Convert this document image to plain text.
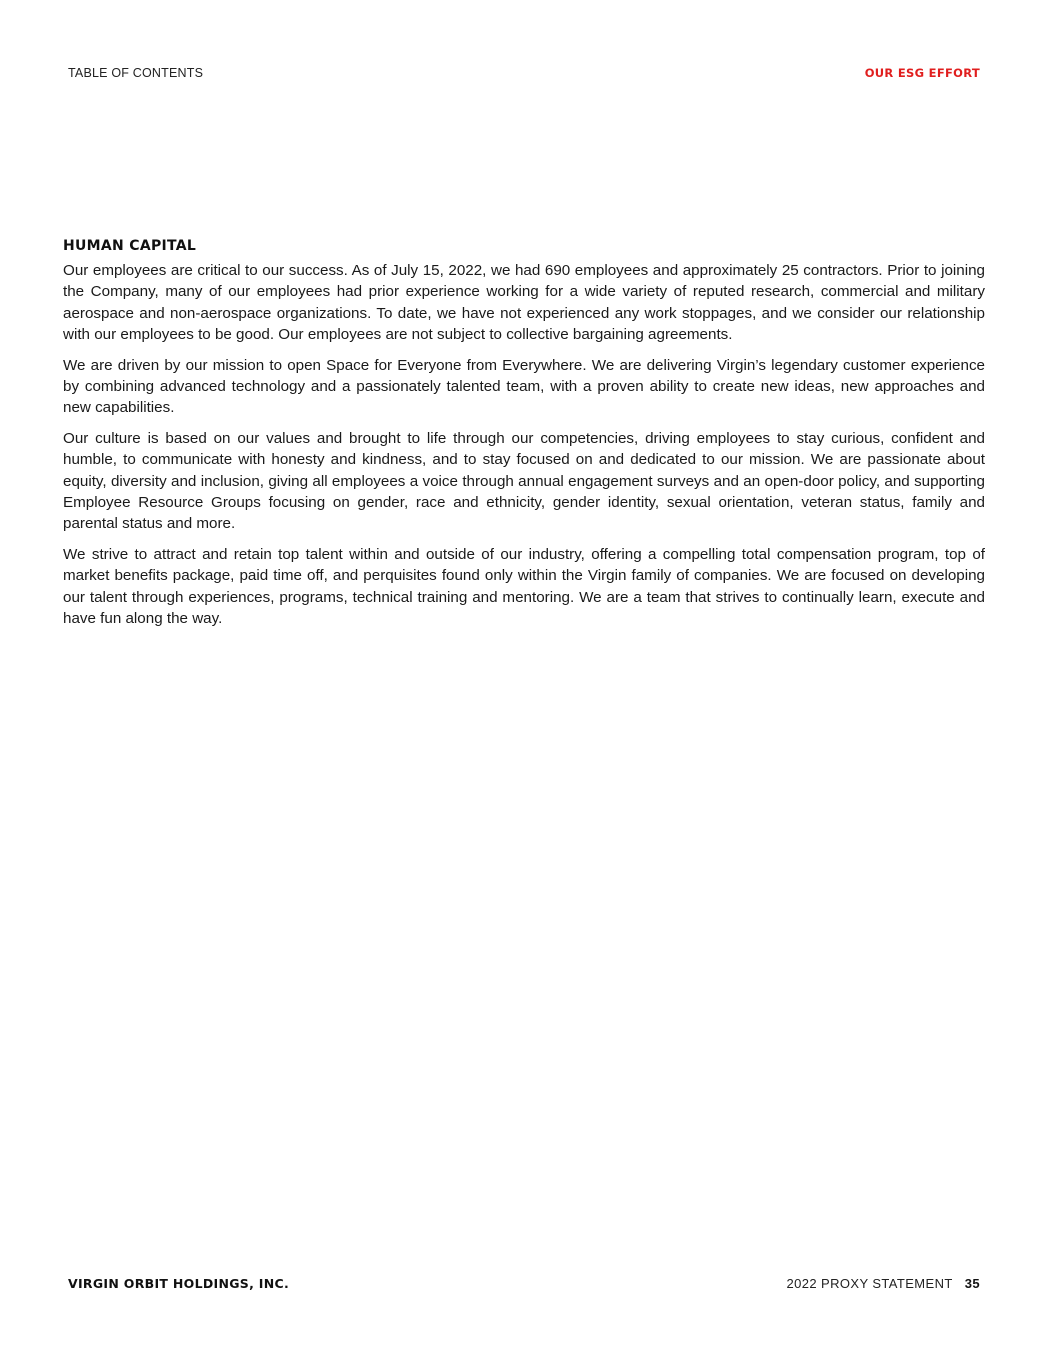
TABLE OF CONTENTS	OUR ESG EFFORT
HUMAN CAPITAL

Our employees are critical to our success. As of July 15, 2022, we had 690 employees and approximately 25 contractors. Prior to joining the Company, many of our employees had prior experience working for a wide variety of reputed research, commercial and military aerospace and non-aerospace organizations. To date, we have not experienced any work stoppages, and we consider our relationship with our employees to be good. Our employees are not subject to collective bargaining agreements.

We are driven by our mission to open Space for Everyone from Everywhere. We are delivering Virgin’s legendary customer experience by combining advanced technology and a passionately talented team, with a proven ability to create new ideas, new approaches and new capabilities.

Our culture is based on our values and brought to life through our competencies, driving employees to stay curious, confident and humble, to communicate with honesty and kindness, and to stay focused on and dedicated to our mission. We are passionate about equity, diversity and inclusion, giving all employees a voice through annual engagement surveys and an open-door policy, and supporting Employee Resource Groups focusing on gender, race and ethnicity, gender identity, sexual orientation, veteran status, family and parental status and more.

We strive to attract and retain top talent within and outside of our industry, offering a compelling total compensation program, top of market benefits package, paid time off, and perquisites found only within the Virgin family of companies. We are focused on developing our talent through experiences, programs, technical training and mentoring. We are a team that strives to continually learn, execute and have fun along the way.

VIRGIN ORBIT HOLDINGS, INC.	2022 PROXY STATEMENT 35
